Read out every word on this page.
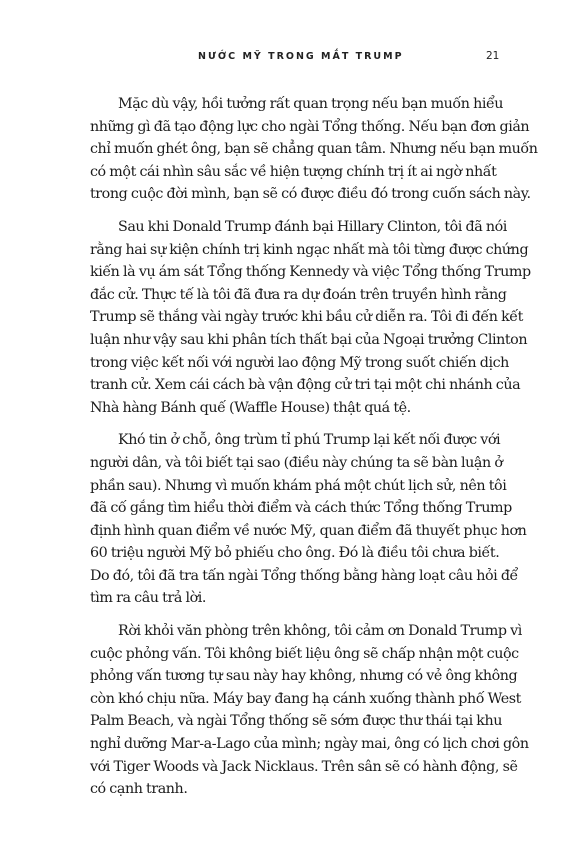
NƯỚC MỸ TRONG MẮT TRUMP	21

Mặc dù vậy, hồi tưởng rất quan trọng nếu bạn muốn hiểu
những gì đã tạo động lực cho ngài Tổng thống. Nếu bạn đơn giản
chỉ muốn ghét ông, bạn sẽ chẳng quan tâm. Nhưng nếu bạn muốn
có một cái nhìn sâu sắc về hiện tượng chính trị ít ai ngờ nhất
trong cuộc đời mình, bạn sẽ có được điều đó trong cuốn sách này.

Sau khi Donald Trump đánh bại Hillary Clinton, tôi đã nói
rằng hai sự kiện chính trị kinh ngạc nhất mà tôi từng được chứng
kiến là vụ ám sát Tổng thống Kennedy và việc Tổng thống Trump
đắc cử. Thực tế là tôi đã đưa ra dự đoán trên truyền hình rằng
Trump sẽ thắng vài ngày trước khi bầu cử diễn ra. Tôi đi đến kết
luận như vậy sau khi phân tích thất bại của Ngoại trưởng Clinton
trong việc kết nối với người lao động Mỹ trong suốt chiến dịch
tranh cử. Xem cái cách bà vận động cử tri tại một chi nhánh của
Nhà hàng Bánh quế (Waffle House) thật quá tệ.

Khó tin ở chỗ, ông trùm tỉ phú Trump lại kết nối được với
người dân, và tôi biết tại sao (điều này chúng ta sẽ bàn luận ở
phần sau). Nhưng vì muốn khám phá một chút lịch sử, nên tôi
đã cố gắng tìm hiểu thời điểm và cách thức Tổng thống Trump
định hình quan điểm về nước Mỹ, quan điểm đã thuyết phục hơn
60 triệu người Mỹ bỏ phiếu cho ông. Đó là điều tôi chưa biết.
Do đó, tôi đã tra tấn ngài Tổng thống bằng hàng loạt câu hỏi để
tìm ra câu trả lời.

Rời khỏi văn phòng trên không, tôi cảm ơn Donald Trump vì
cuộc phỏng vấn. Tôi không biết liệu ông sẽ chấp nhận một cuộc
phỏng vấn tương tự sau này hay không, nhưng có vẻ ông không
còn khó chịu nữa. Máy bay đang hạ cánh xuống thành phố West
Palm Beach, và ngài Tổng thống sẽ sớm được thư thái tại khu
nghỉ dưỡng Mar-a-Lago của mình; ngày mai, ông có lịch chơi gôn
với Tiger Woods và Jack Nicklaus. Trên sân sẽ có hành động, sẽ
có cạnh tranh.
